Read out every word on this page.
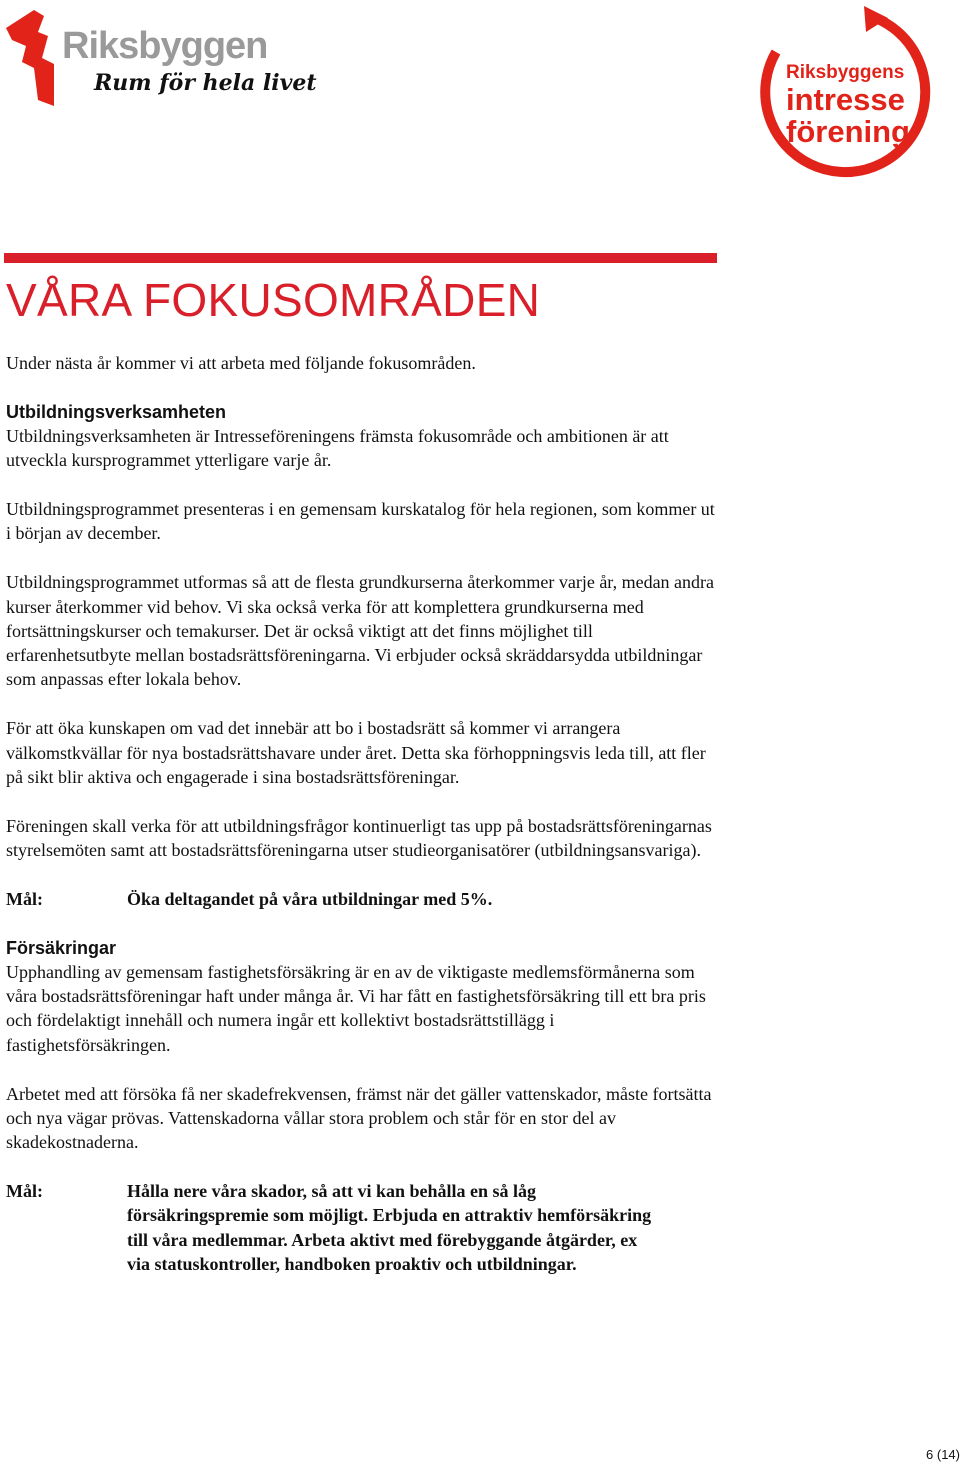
Riksbyggen
Rum för hela livet	Riksbyggens
intresse
förening
VÅRA FOKUSOMRÅDEN

Under nästa år kommer vi att arbeta med följande fokusområden.

Utbildningsverksamheten

Utbildningsverksamheten är Intresseföreningens främsta fokusområde och ambitionen är att utveckla kursprogrammet ytterligare varje år.

Utbildningsprogrammet presenteras i en gemensam kurskatalog för hela regionen, som kommer ut i början av december.

Utbildningsprogrammet utformas så att de flesta grundkurserna återkommer varje år, medan andra kurser återkommer vid behov. Vi ska också verka för att komplettera grundkurserna med fortsättningskurser och temakurser. Det är också viktigt att det finns möjlighet till erfarenhetsutbyte mellan bostadsrättsföreningarna. Vi erbjuder också skräddarsydda utbildningar som anpassas efter lokala behov.

För att öka kunskapen om vad det innebär att bo i bostadsrätt så kommer vi arrangera välkomstkvällar för nya bostadsrättshavare under året. Detta ska förhoppningsvis leda till, att fler på sikt blir aktiva och engagerade i sina bostadsrättsföreningar.

Föreningen skall verka för att utbildningsfrågor kontinuerligt tas upp på bostadsrättsföreningarnas styrelsemöten samt att bostadsrättsföreningarna utser studieorganisatörer (utbildningsansvariga).

Mål:	Öka deltagandet på våra utbildningar med 5%.
Försäkringar

Upphandling av gemensam fastighetsförsäkring är en av de viktigaste medlemsförmånerna som våra bostadsrättsföreningar haft under många år. Vi har fått en fastighetsförsäkring till ett bra pris och fördelaktigt innehåll och numera ingår ett kollektivt bostadsrättstillägg i fastighetsförsäkringen.

Arbetet med att försöka få ner skadefrekvensen, främst när det gäller vattenskador, måste fortsätta och nya vägar prövas. Vattenskadorna vållar stora problem och står för en stor del av skadekostnaderna.

Mål:	Hålla nere våra skador, så att vi kan behålla en så låg försäkringspremie som möjligt. Erbjuda en attraktiv hemförsäkring till våra medlemmar. Arbeta aktivt med förebyggande åtgärder, ex via statuskontroller, handboken proaktiv och utbildningar.
6 (14)
